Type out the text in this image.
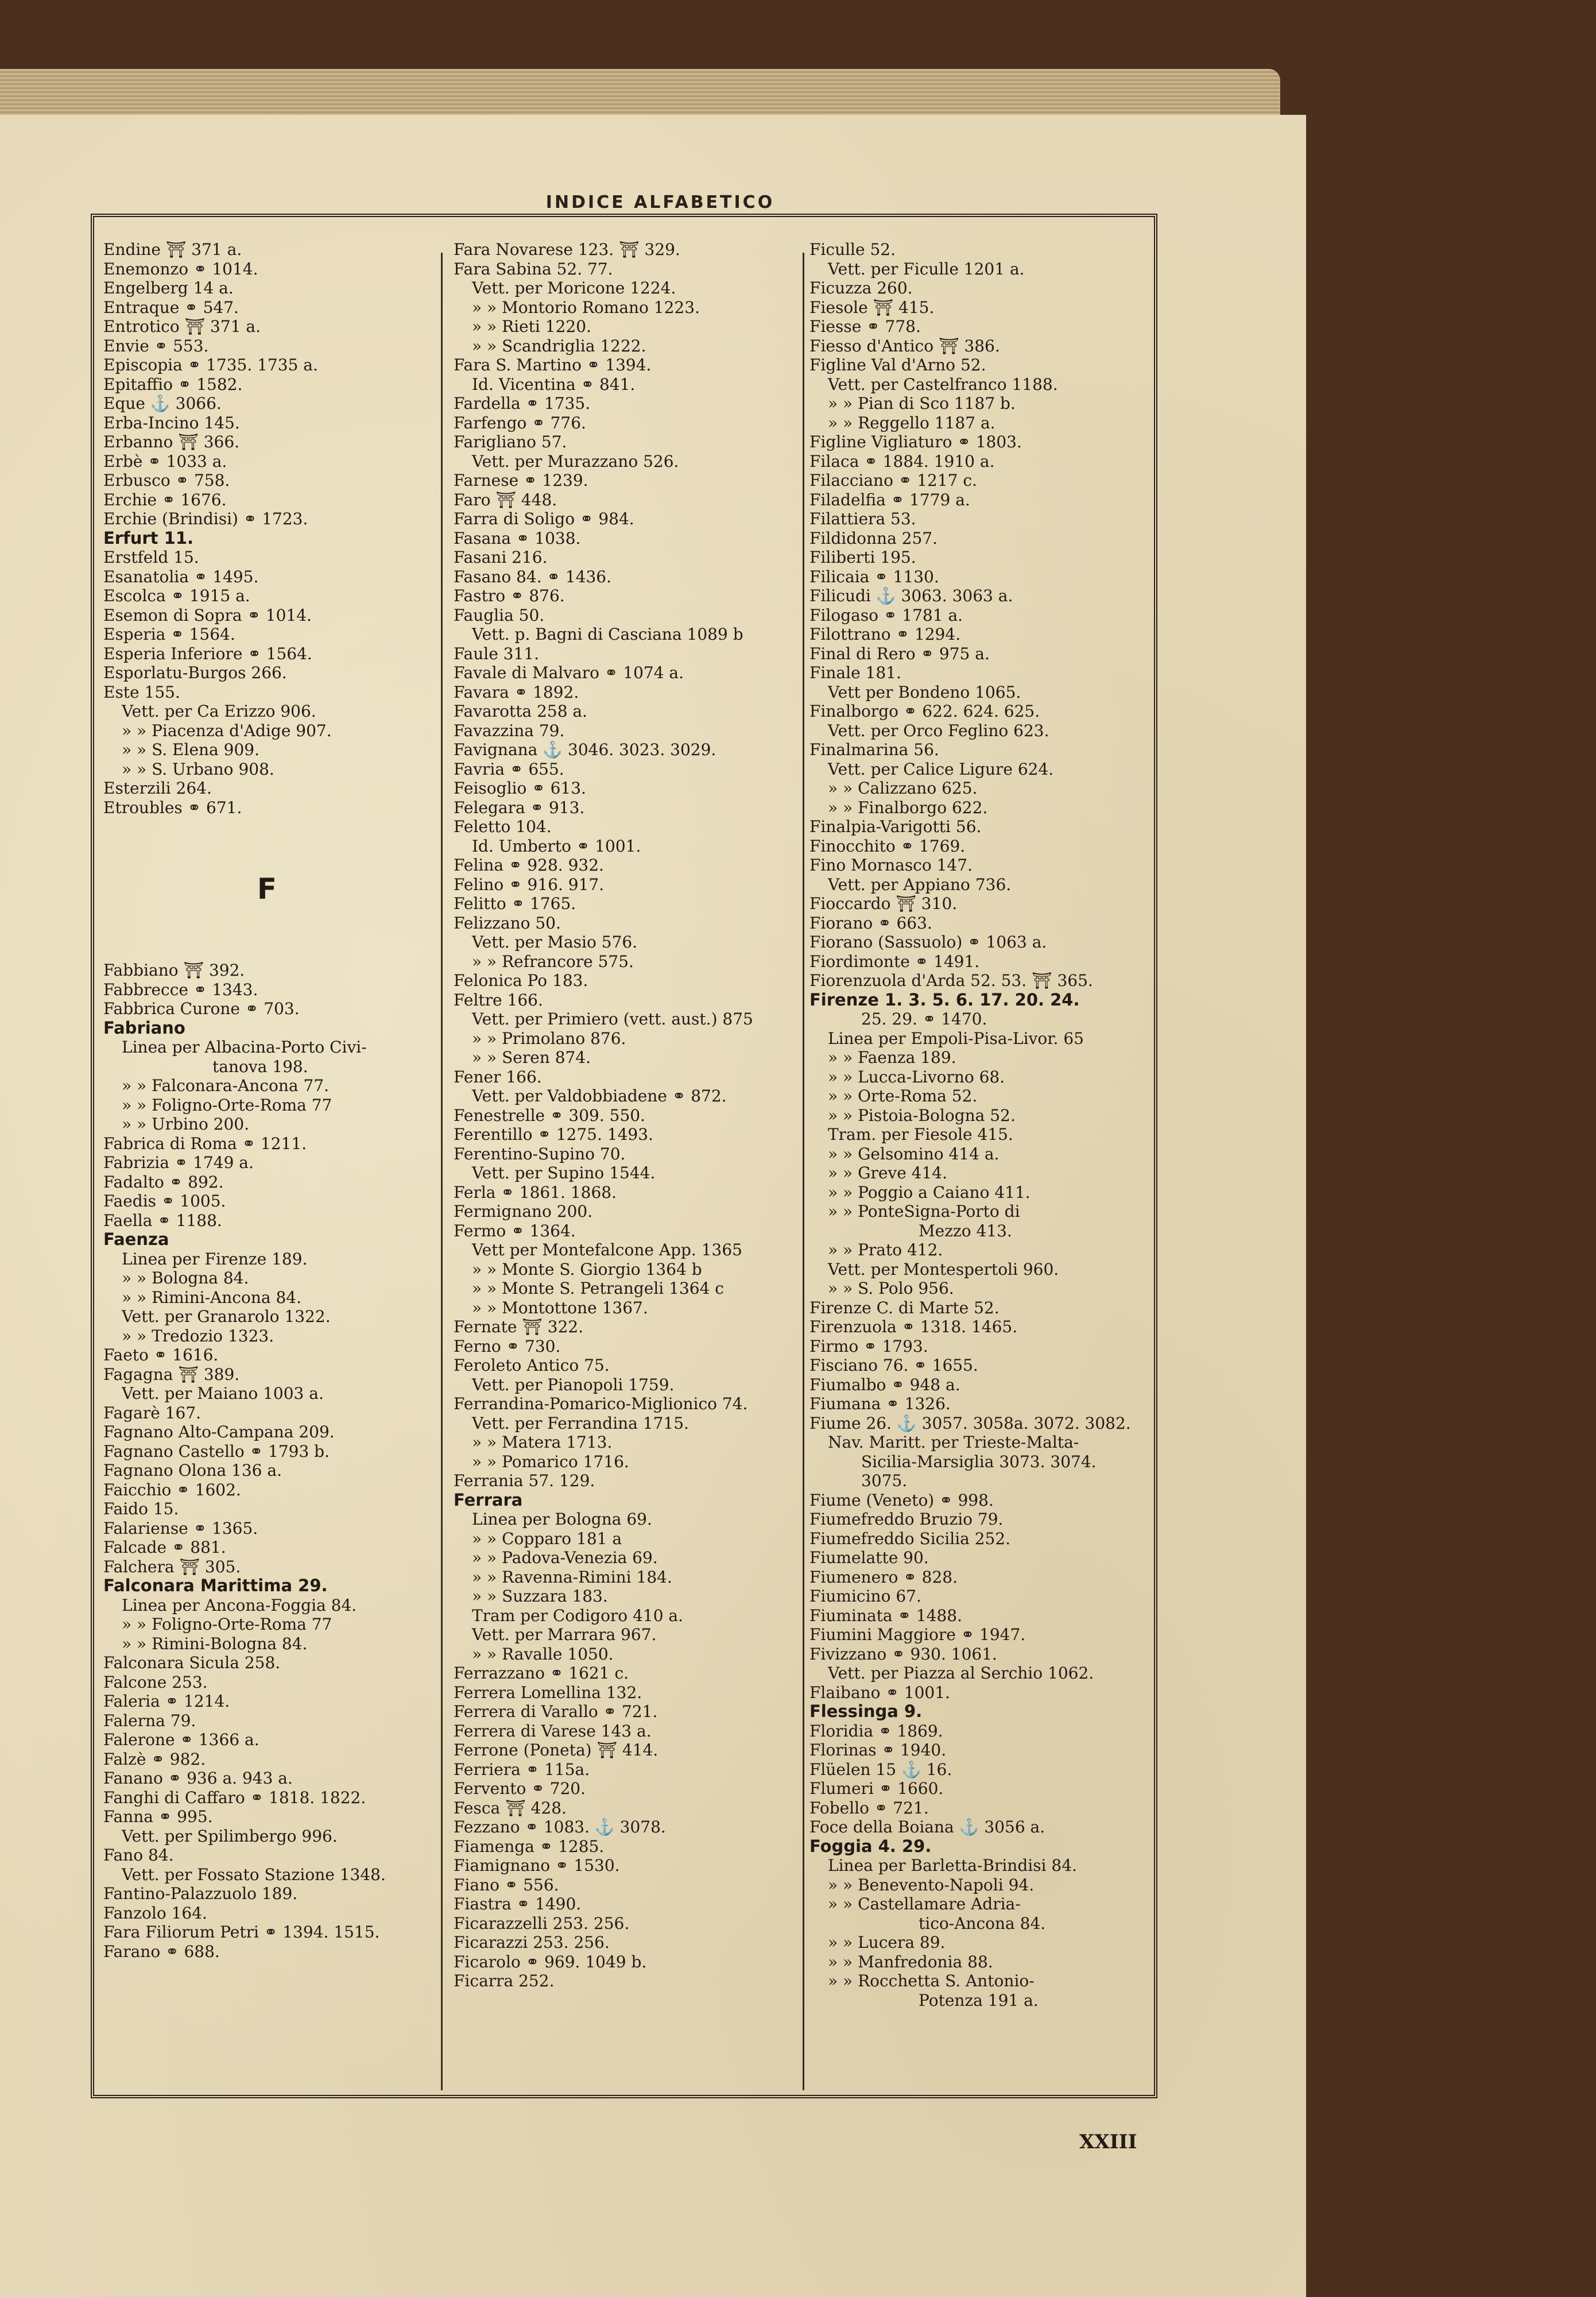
INDICE ALFABETICO
Endine ⛩ 371 a.
Enemonzo ⚭ 1014.
Engelberg 14 a.
Entraque ⚭ 547.
Entrotico ⛩ 371 a.
Envie ⚭ 553.
Episcopia ⚭ 1735. 1735 a.
Epitaffio ⚭ 1582.
Eque ⚓ 3066.
Erba-Incino 145.
Erbanno ⛩ 366.
Erbè ⚭ 1033 a.
Erbusco ⚭ 758.
Erchie ⚭ 1676.
Erchie (Brindisi) ⚭ 1723.
Erfurt 11.
Erstfeld 15.
Esanatolia ⚭ 1495.
Escolca ⚭ 1915 a.
Esemon di Sopra ⚭ 1014.
Esperia ⚭ 1564.
Esperia Inferiore ⚭ 1564.
Esporlatu-Burgos 266.
Este 155.
Vett. per Ca Erizzo 906.
» » Piacenza d'Adige 907.
» » S. Elena 909.
» » S. Urbano 908.
Esterzili 264.
Etroubles ⚭ 671.
F
Fabbiano ⛩ 392.
Fabbrecce ⚭ 1343.
Fabbrica Curone ⚭ 703.
Fabriano
Linea per Albacina-Porto Civi-
tanova 198.
» » Falconara-Ancona 77.
» » Foligno-Orte-Roma 77
» » Urbino 200.
Fabrica di Roma ⚭ 1211.
Fabrizia ⚭ 1749 a.
Fadalto ⚭ 892.
Faedis ⚭ 1005.
Faella ⚭ 1188.
Faenza
Linea per Firenze 189.
» » Bologna 84.
» » Rimini-Ancona 84.
Vett. per Granarolo 1322.
» » Tredozio 1323.
Faeto ⚭ 1616.
Fagagna ⛩ 389.
Vett. per Maiano 1003 a.
Fagarè 167.
Fagnano Alto-Campana 209.
Fagnano Castello ⚭ 1793 b.
Fagnano Olona 136 a.
Faicchio ⚭ 1602.
Faido 15.
Falariense ⚭ 1365.
Falcade ⚭ 881.
Falchera ⛩ 305.
Falconara Marittima 29.
Linea per Ancona-Foggia 84.
» » Foligno-Orte-Roma 77
» » Rimini-Bologna 84.
Falconara Sicula 258.
Falcone 253.
Faleria ⚭ 1214.
Falerna 79.
Falerone ⚭ 1366 a.
Falzè ⚭ 982.
Fanano ⚭ 936 a. 943 a.
Fanghi di Caffaro ⚭ 1818. 1822.
Fanna ⚭ 995.
Vett. per Spilimbergo 996.
Fano 84.
Vett. per Fossato Stazione 1348.
Fantino-Palazzuolo 189.
Fanzolo 164.
Fara Filiorum Petri ⚭ 1394. 1515.
Farano ⚭ 688.
Fara Novarese 123. ⛩ 329.
Fara Sabina 52. 77.
Vett. per Moricone 1224.
» » Montorio Romano 1223.
» » Rieti 1220.
» » Scandriglia 1222.
Fara S. Martino ⚭ 1394.
Id. Vicentina ⚭ 841.
Fardella ⚭ 1735.
Farfengo ⚭ 776.
Farigliano 57.
Vett. per Murazzano 526.
Farnese ⚭ 1239.
Faro ⛩ 448.
Farra di Soligo ⚭ 984.
Fasana ⚭ 1038.
Fasani 216.
Fasano 84. ⚭ 1436.
Fastro ⚭ 876.
Fauglia 50.
Vett. p. Bagni di Casciana 1089 b
Faule 311.
Favale di Malvaro ⚭ 1074 a.
Favara ⚭ 1892.
Favarotta 258 a.
Favazzina 79.
Favignana ⚓ 3046. 3023. 3029.
Favria ⚭ 655.
Feisoglio ⚭ 613.
Felegara ⚭ 913.
Feletto 104.
Id. Umberto ⚭ 1001.
Felina ⚭ 928. 932.
Felino ⚭ 916. 917.
Felitto ⚭ 1765.
Felizzano 50.
Vett. per Masio 576.
» » Refrancore 575.
Felonica Po 183.
Feltre 166.
Vett. per Primiero (vett. aust.) 875
» » Primolano 876.
» » Seren 874.
Fener 166.
Vett. per Valdobbiadene ⚭ 872.
Fenestrelle ⚭ 309. 550.
Ferentillo ⚭ 1275. 1493.
Ferentino-Supino 70.
Vett. per Supino 1544.
Ferla ⚭ 1861. 1868.
Fermignano 200.
Fermo ⚭ 1364.
Vett per Montefalcone App. 1365
» » Monte S. Giorgio 1364 b
» » Monte S. Petrangeli 1364 c
» » Montottone 1367.
Fernate ⛩ 322.
Ferno ⚭ 730.
Feroleto Antico 75.
Vett. per Pianopoli 1759.
Ferrandina-Pomarico-Miglionico 74.
Vett. per Ferrandina 1715.
» » Matera 1713.
» » Pomarico 1716.
Ferrania 57. 129.
Ferrara
Linea per Bologna 69.
» » Copparo 181 a
» » Padova-Venezia 69.
» » Ravenna-Rimini 184.
» » Suzzara 183.
Tram per Codigoro 410 a.
Vett. per Marrara 967.
» » Ravalle 1050.
Ferrazzano ⚭ 1621 c.
Ferrera Lomellina 132.
Ferrera di Varallo ⚭ 721.
Ferrera di Varese 143 a.
Ferrone (Poneta) ⛩ 414.
Ferriera ⚭ 115a.
Fervento ⚭ 720.
Fesca ⛩ 428.
Fezzano ⚭ 1083. ⚓ 3078.
Fiamenga ⚭ 1285.
Fiamignano ⚭ 1530.
Fiano ⚭ 556.
Fiastra ⚭ 1490.
Ficarazzelli 253. 256.
Ficarazzi 253. 256.
Ficarolo ⚭ 969. 1049 b.
Ficarra 252.
Ficulle 52.
Vett. per Ficulle 1201 a.
Ficuzza 260.
Fiesole ⛩ 415.
Fiesse ⚭ 778.
Fiesso d'Antico ⛩ 386.
Figline Val d'Arno 52.
Vett. per Castelfranco 1188.
» » Pian di Sco 1187 b.
» » Reggello 1187 a.
Figline Vigliaturo ⚭ 1803.
Filaca ⚭ 1884. 1910 a.
Filacciano ⚭ 1217 c.
Filadelfia ⚭ 1779 a.
Filattiera 53.
Fildidonna 257.
Filiberti 195.
Filicaia ⚭ 1130.
Filicudi ⚓ 3063. 3063 a.
Filogaso ⚭ 1781 a.
Filottrano ⚭ 1294.
Final di Rero ⚭ 975 a.
Finale 181.
Vett per Bondeno 1065.
Finalborgo ⚭ 622. 624. 625.
Vett. per Orco Feglino 623.
Finalmarina 56.
Vett. per Calice Ligure 624.
» » Calizzano 625.
» » Finalborgo 622.
Finalpia-Varigotti 56.
Finocchito ⚭ 1769.
Fino Mornasco 147.
Vett. per Appiano 736.
Fioccardo ⛩ 310.
Fiorano ⚭ 663.
Fiorano (Sassuolo) ⚭ 1063 a.
Fiordimonte ⚭ 1491.
Fiorenzuola d'Arda 52. 53. ⛩ 365.
Firenze 1. 3. 5. 6. 17. 20. 24.
25. 29. ⚭ 1470.
Linea per Empoli-Pisa-Livor. 65
» » Faenza 189.
» » Lucca-Livorno 68.
» » Orte-Roma 52.
» » Pistoia-Bologna 52.
Tram. per Fiesole 415.
» » Gelsomino 414 a.
» » Greve 414.
» » Poggio a Caiano 411.
» » PonteSigna-Porto di
Mezzo 413.
» » Prato 412.
Vett. per Montespertoli 960.
» » S. Polo 956.
Firenze C. di Marte 52.
Firenzuola ⚭ 1318. 1465.
Firmo ⚭ 1793.
Fisciano 76. ⚭ 1655.
Fiumalbo ⚭ 948 a.
Fiumana ⚭ 1326.
Fiume 26. ⚓ 3057. 3058a. 3072. 3082.
Nav. Maritt. per Trieste-Malta-
Sicilia-Marsiglia 3073. 3074.
3075.
Fiume (Veneto) ⚭ 998.
Fiumefreddo Bruzio 79.
Fiumefreddo Sicilia 252.
Fiumelatte 90.
Fiumenero ⚭ 828.
Fiumicino 67.
Fiuminata ⚭ 1488.
Fiumini Maggiore ⚭ 1947.
Fivizzano ⚭ 930. 1061.
Vett. per Piazza al Serchio 1062.
Flaibano ⚭ 1001.
Flessinga 9.
Floridia ⚭ 1869.
Florinas ⚭ 1940.
Flüelen 15 ⚓ 16.
Flumeri ⚭ 1660.
Fobello ⚭ 721.
Foce della Boiana ⚓ 3056 a.
Foggia 4. 29.
Linea per Barletta-Brindisi 84.
» » Benevento-Napoli 94.
» » Castellamare Adria-
tico-Ancona 84.
» » Lucera 89.
» » Manfredonia 88.
» » Rocchetta S. Antonio-
Potenza 191 a.
XXIII
